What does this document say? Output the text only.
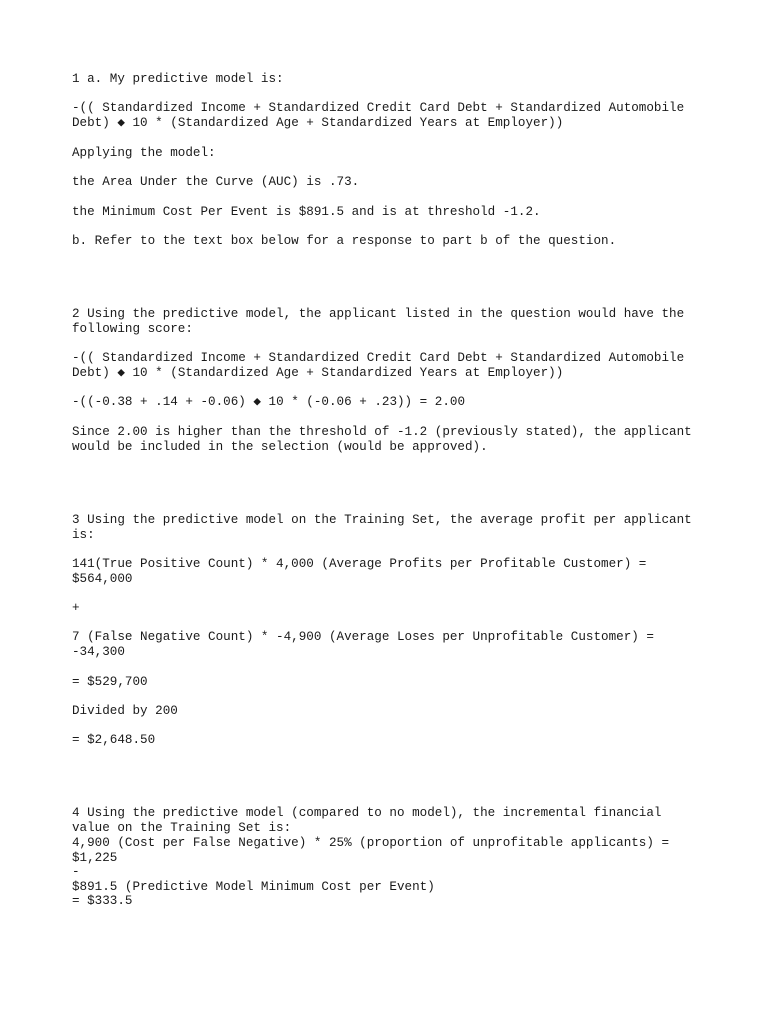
1 a. My predictive model is:
-(( Standardized Income + Standardized Credit Card Debt + Standardized Automobile
Debt) ◆ 10 * (Standardized Age + Standardized Years at Employer))
Applying the model:
the Area Under the Curve (AUC) is .73.
the Minimum Cost Per Event is $891.5 and is at threshold -1.2.
b. Refer to the text box below for a response to part b of the question.
2 Using the predictive model, the applicant listed in the question would have the
following score:
-(( Standardized Income + Standardized Credit Card Debt + Standardized Automobile
Debt) ◆ 10 * (Standardized Age + Standardized Years at Employer))
-((-0.38 + .14 + -0.06) ◆ 10 * (-0.06 + .23)) = 2.00
Since 2.00 is higher than the threshold of -1.2 (previously stated), the applicant
would be included in the selection (would be approved).
3 Using the predictive model on the Training Set, the average profit per applicant
is:
141(True Positive Count) * 4,000 (Average Profits per Profitable Customer) =
$564,000
+
7 (False Negative Count) * -4,900 (Average Loses per Unprofitable Customer) =
-34,300
= $529,700
Divided by 200
= $2,648.50
4 Using the predictive model (compared to no model), the incremental financial
value on the Training Set is:
4,900 (Cost per False Negative) * 25% (proportion of unprofitable applicants) =
$1,225
-
$891.5 (Predictive Model Minimum Cost per Event)
= $333.5
